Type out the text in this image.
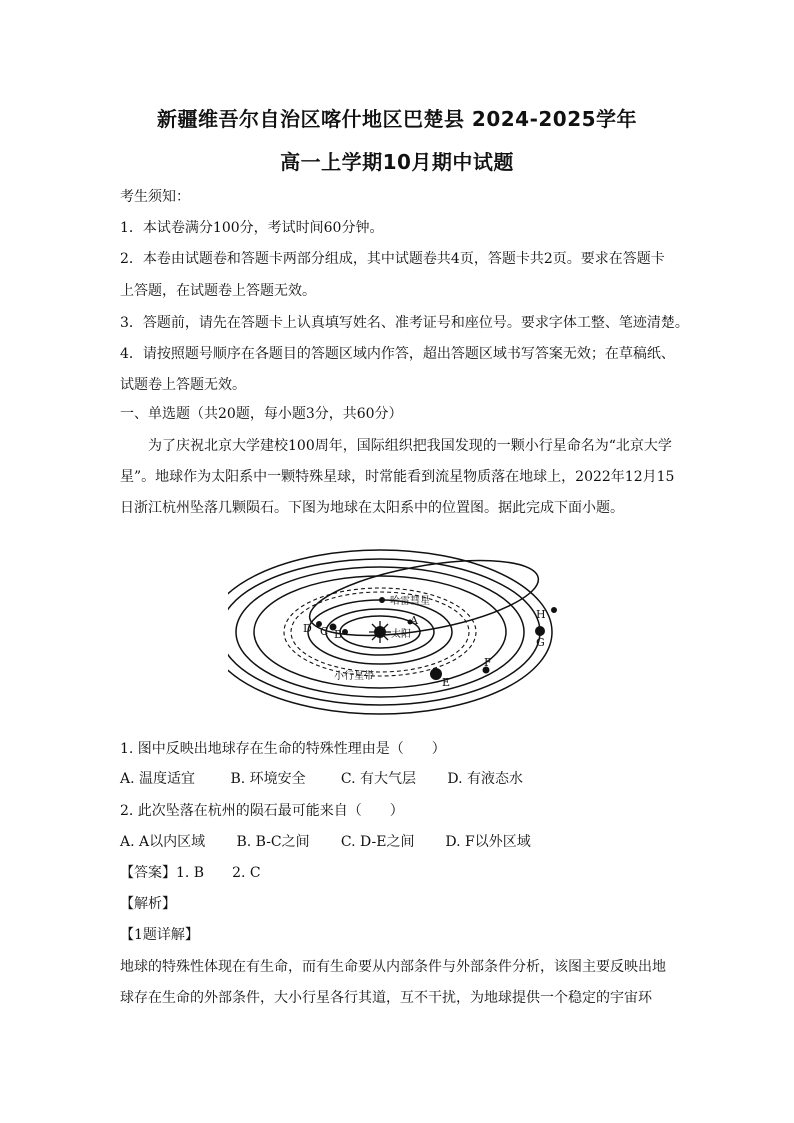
新疆维吾尔自治区喀什地区巴楚县 2024-2025学年
高一上学期10月期中试题
考生须知：
1．本试卷满分100分，考试时间60分钟。
2．本卷由试题卷和答题卡两部分组成，其中试题卷共4页，答题卡共2页。要求在答题卡
上答题，在试题卷上答题无效。
3．答题前，请先在答题卡上认真填写姓名、准考证号和座位号。要求字体工整、笔迹清楚。
4．请按照题号顺序在各题目的答题区域内作答，超出答题区域书写答案无效；在草稿纸、
试题卷上答题无效。
一、单选题（共20题，每小题3分，共60分）
为了庆祝北京大学建校100周年，国际组织把我国发现的一颗小行星命名为“北京大学
星”。地球作为太阳系中一颗特殊星球，时常能看到流星物质落在地球上，2022年12月15
日浙江杭州坠落几颗陨石。下图为地球在太阳系中的位置图。据此完成下面小题。
哈雷彗星
太阳
小行星带
A
B
C
D
E
F
G
H
1. 图中反映出地球存在生命的特殊性理由是（　　）
A. 温度适宜	B. 环境安全	C. 有大气层 D. 有液态水
2. 此次坠落在杭州的陨石最可能来自（　　）
A. A以内区域 B. B-C之间 C. D-E之间 D. F以外区域
【答案】1. B　　2. C
【解析】
【1题详解】
地球的特殊性体现在有生命，而有生命要从内部条件与外部条件分析，该图主要反映出地
球存在生命的外部条件，大小行星各行其道，互不干扰，为地球提供一个稳定的宇宙环
